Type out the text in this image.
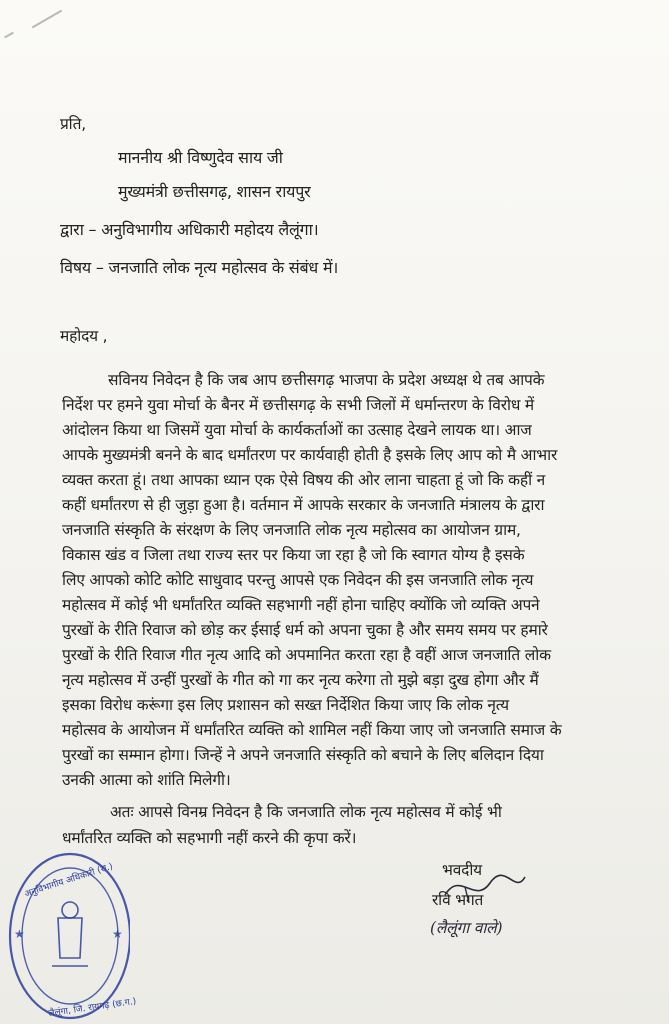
प्रति,
माननीय श्री विष्णुदेव साय जी
मुख्यमंत्री छत्तीसगढ़, शासन रायपुर
द्वारा – अनुविभागीय अधिकारी महोदय लैलूंगा।
विषय – जनजाति लोक नृत्य महोत्सव के संबंध में।
महोदय ,
सविनय निवेदन है कि जब आप छत्तीसगढ़ भाजपा के प्रदेश अध्यक्ष थे तब आपके
निर्देश पर हमने युवा मोर्चा के बैनर में छत्तीसगढ़ के सभी जिलों में धर्मान्तरण के विरोध में
आंदोलन किया था जिसमें युवा मोर्चा के कार्यकर्ताओं का उत्साह देखने लायक था। आज
आपके मुख्यमंत्री बनने के बाद धर्मांतरण पर कार्यवाही होती है इसके लिए आप को मै आभार
व्यक्त करता हूं। तथा आपका ध्यान एक ऐसे विषय की ओर लाना चाहता हूं जो कि कहीं न
कहीं धर्मांतरण से ही जुड़ा हुआ है। वर्तमान में आपके सरकार के जनजाति मंत्रालय के द्वारा
जनजाति संस्कृति के संरक्षण के लिए जनजाति लोक नृत्य महोत्सव का आयोजन ग्राम,
विकास खंड व जिला तथा राज्य स्तर पर किया जा रहा है जो कि स्वागत योग्य है इसके
लिए आपको कोटि कोटि साधुवाद परन्तु आपसे एक निवेदन की इस जनजाति लोक नृत्य
महोत्सव में कोई भी धर्मांतरित व्यक्ति सहभागी नहीं होना चाहिए क्योंकि जो व्यक्ति अपने
पुरखों के रीति रिवाज को छोड़ कर ईसाई धर्म को अपना चुका है और समय समय पर हमारे
पुरखों के रीति रिवाज गीत नृत्य आदि को अपमानित करता रहा है वहीं आज जनजाति लोक
नृत्य महोत्सव में उन्हीं पुरखों के गीत को गा कर नृत्य करेगा तो मुझे बड़ा दुख होगा और मैं
इसका विरोध करूंगा इस लिए प्रशासन को सख्त निर्देशित किया जाए कि लोक नृत्य
महोत्सव के आयोजन में धर्मांतरित व्यक्ति को शामिल नहीं किया जाए जो जनजाति समाज के
पुरखों का सम्मान होगा। जिन्हें ने अपने जनजाति संस्कृति को बचाने के लिए बलिदान दिया
उनकी आत्मा को शांति मिलेगी।
अतः आपसे विनम्र निवेदन है कि जनजाति लोक नृत्य महोत्सव में कोई भी
धर्मांतरित व्यक्ति को सहभागी नहीं करने की कृपा करें।
भवदीय
रवि भगत
(लैलूंगा वाले)
★	★
अनुविभागीय अधिकारी (रा.)
लैलूंगा, जि. रायगढ़ (छ.ग.)
